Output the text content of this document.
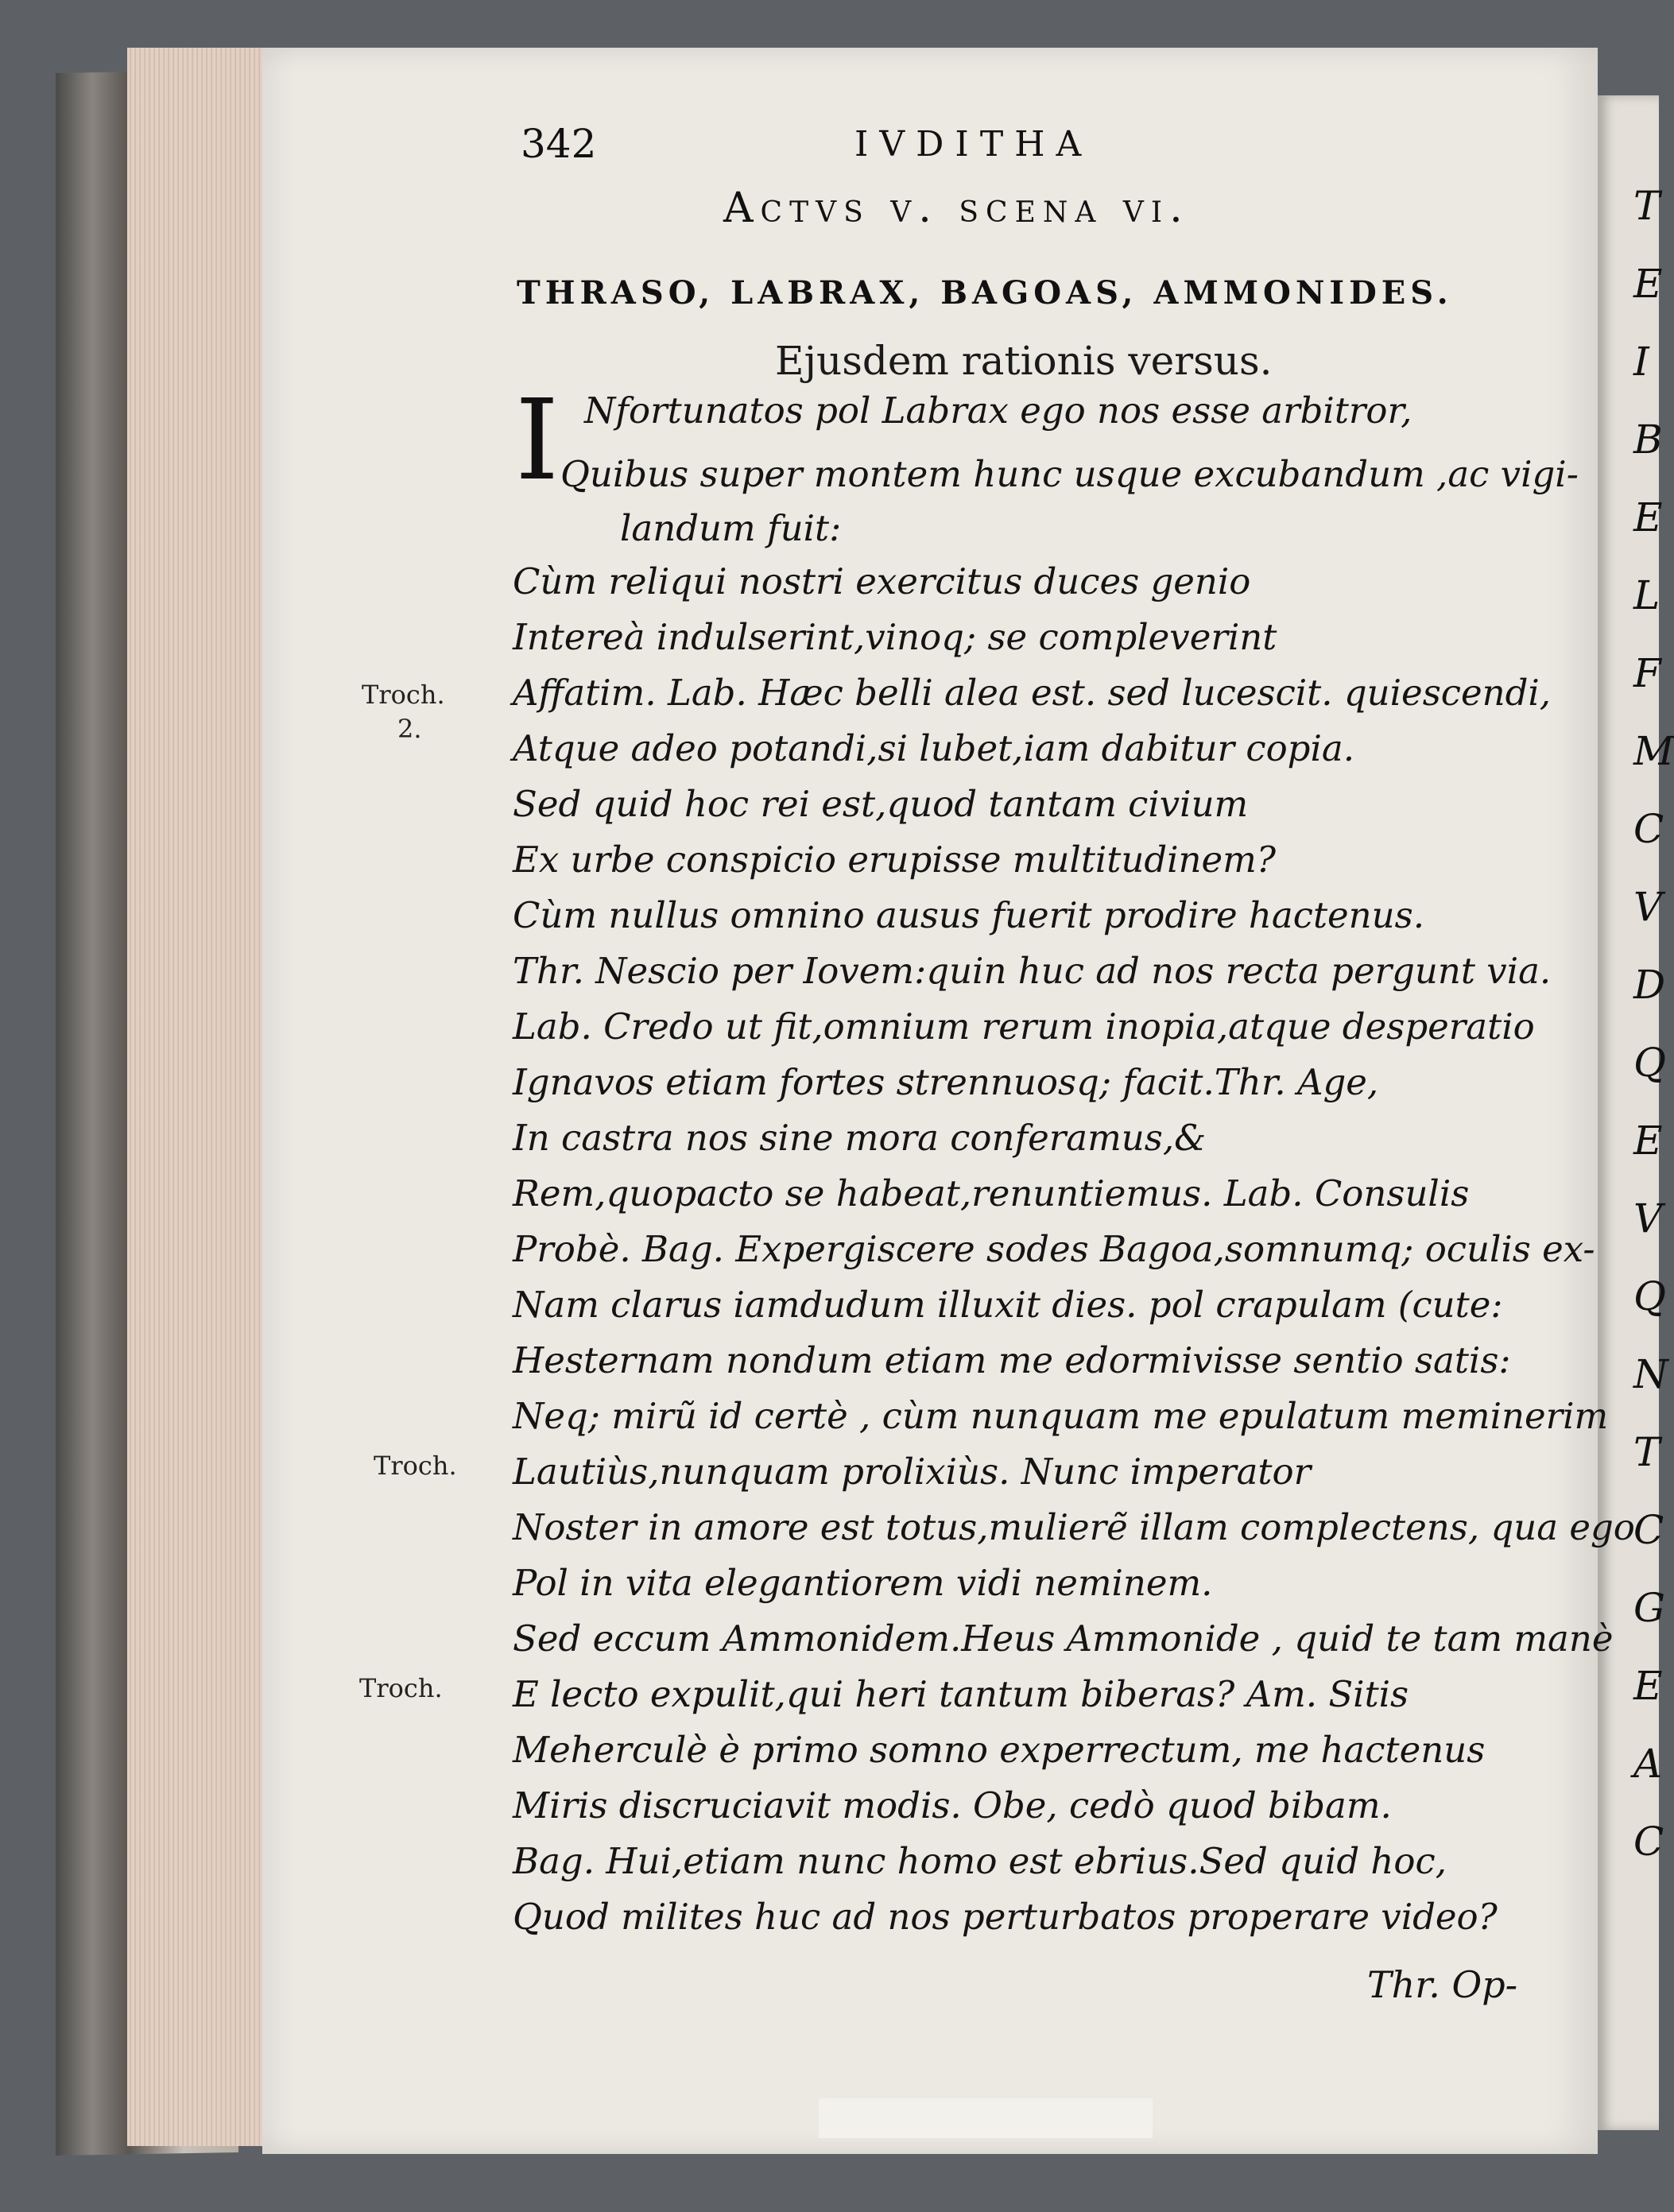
T
E
I
B
E
L
F
M
C
V
D
Q
E
V
Q
N
T
C
G
E
A
C
342	IVDITHA
Actvs v. scena vi.
THRASO, LABRAX, BAGOAS, AMMONIDES.
Ejusdem rationis versus.
I Nfortunatos pol Labrax ego nos esse arbitror,
Quibus super montem hunc usque excubandum ,ac vigi-
landum fuit:
Cùm reliqui nostri exercitus duces genio
Intereà indulserint,vinoq; se compleverint
Affatim. Lab. Hæc belli alea est. sed lucescit. quiescendi,
Atque adeo potandi,si lubet,iam dabitur copia.
Sed quid hoc rei est,quod tantam civium
Ex urbe conspicio erupisse multitudinem?
Cùm nullus omnino ausus fuerit prodire hactenus.
Thr. Nescio per Iovem:quin huc ad nos recta pergunt via.
Lab. Credo ut fit,omnium rerum inopia,atque desperatio
Ignavos etiam fortes strennuosq; facit.Thr. Age,
In castra nos sine mora conferamus,&
Rem,quopacto se habeat,renuntiemus. Lab. Consulis
Probè. Bag. Expergiscere sodes Bagoa,somnumq; oculis ex-
Nam clarus iamdudum illuxit dies. pol crapulam (cute:
Hesternam nondum etiam me edormivisse sentio satis:
Neq; mirũ id certè , cùm nunquam me epulatum meminerim
Lautiùs,nunquam prolixiùs. Nunc imperator
Noster in amore est totus,mulierẽ illam complectens, qua ego
Pol in vita elegantiorem vidi neminem.
Sed eccum Ammonidem.Heus Ammonide , quid te tam manè
E lecto expulit,qui heri tantum biberas? Am. Sitis
Meherculè è primo somno experrectum, me hactenus
Miris discruciavit modis. Obe, cedò quod bibam.
Bag. Hui,etiam nunc homo est ebrius.Sed quid hoc,
Quod milites huc ad nos perturbatos properare video?
Troch.
2.
Troch.
Troch.
Thr. Op-
